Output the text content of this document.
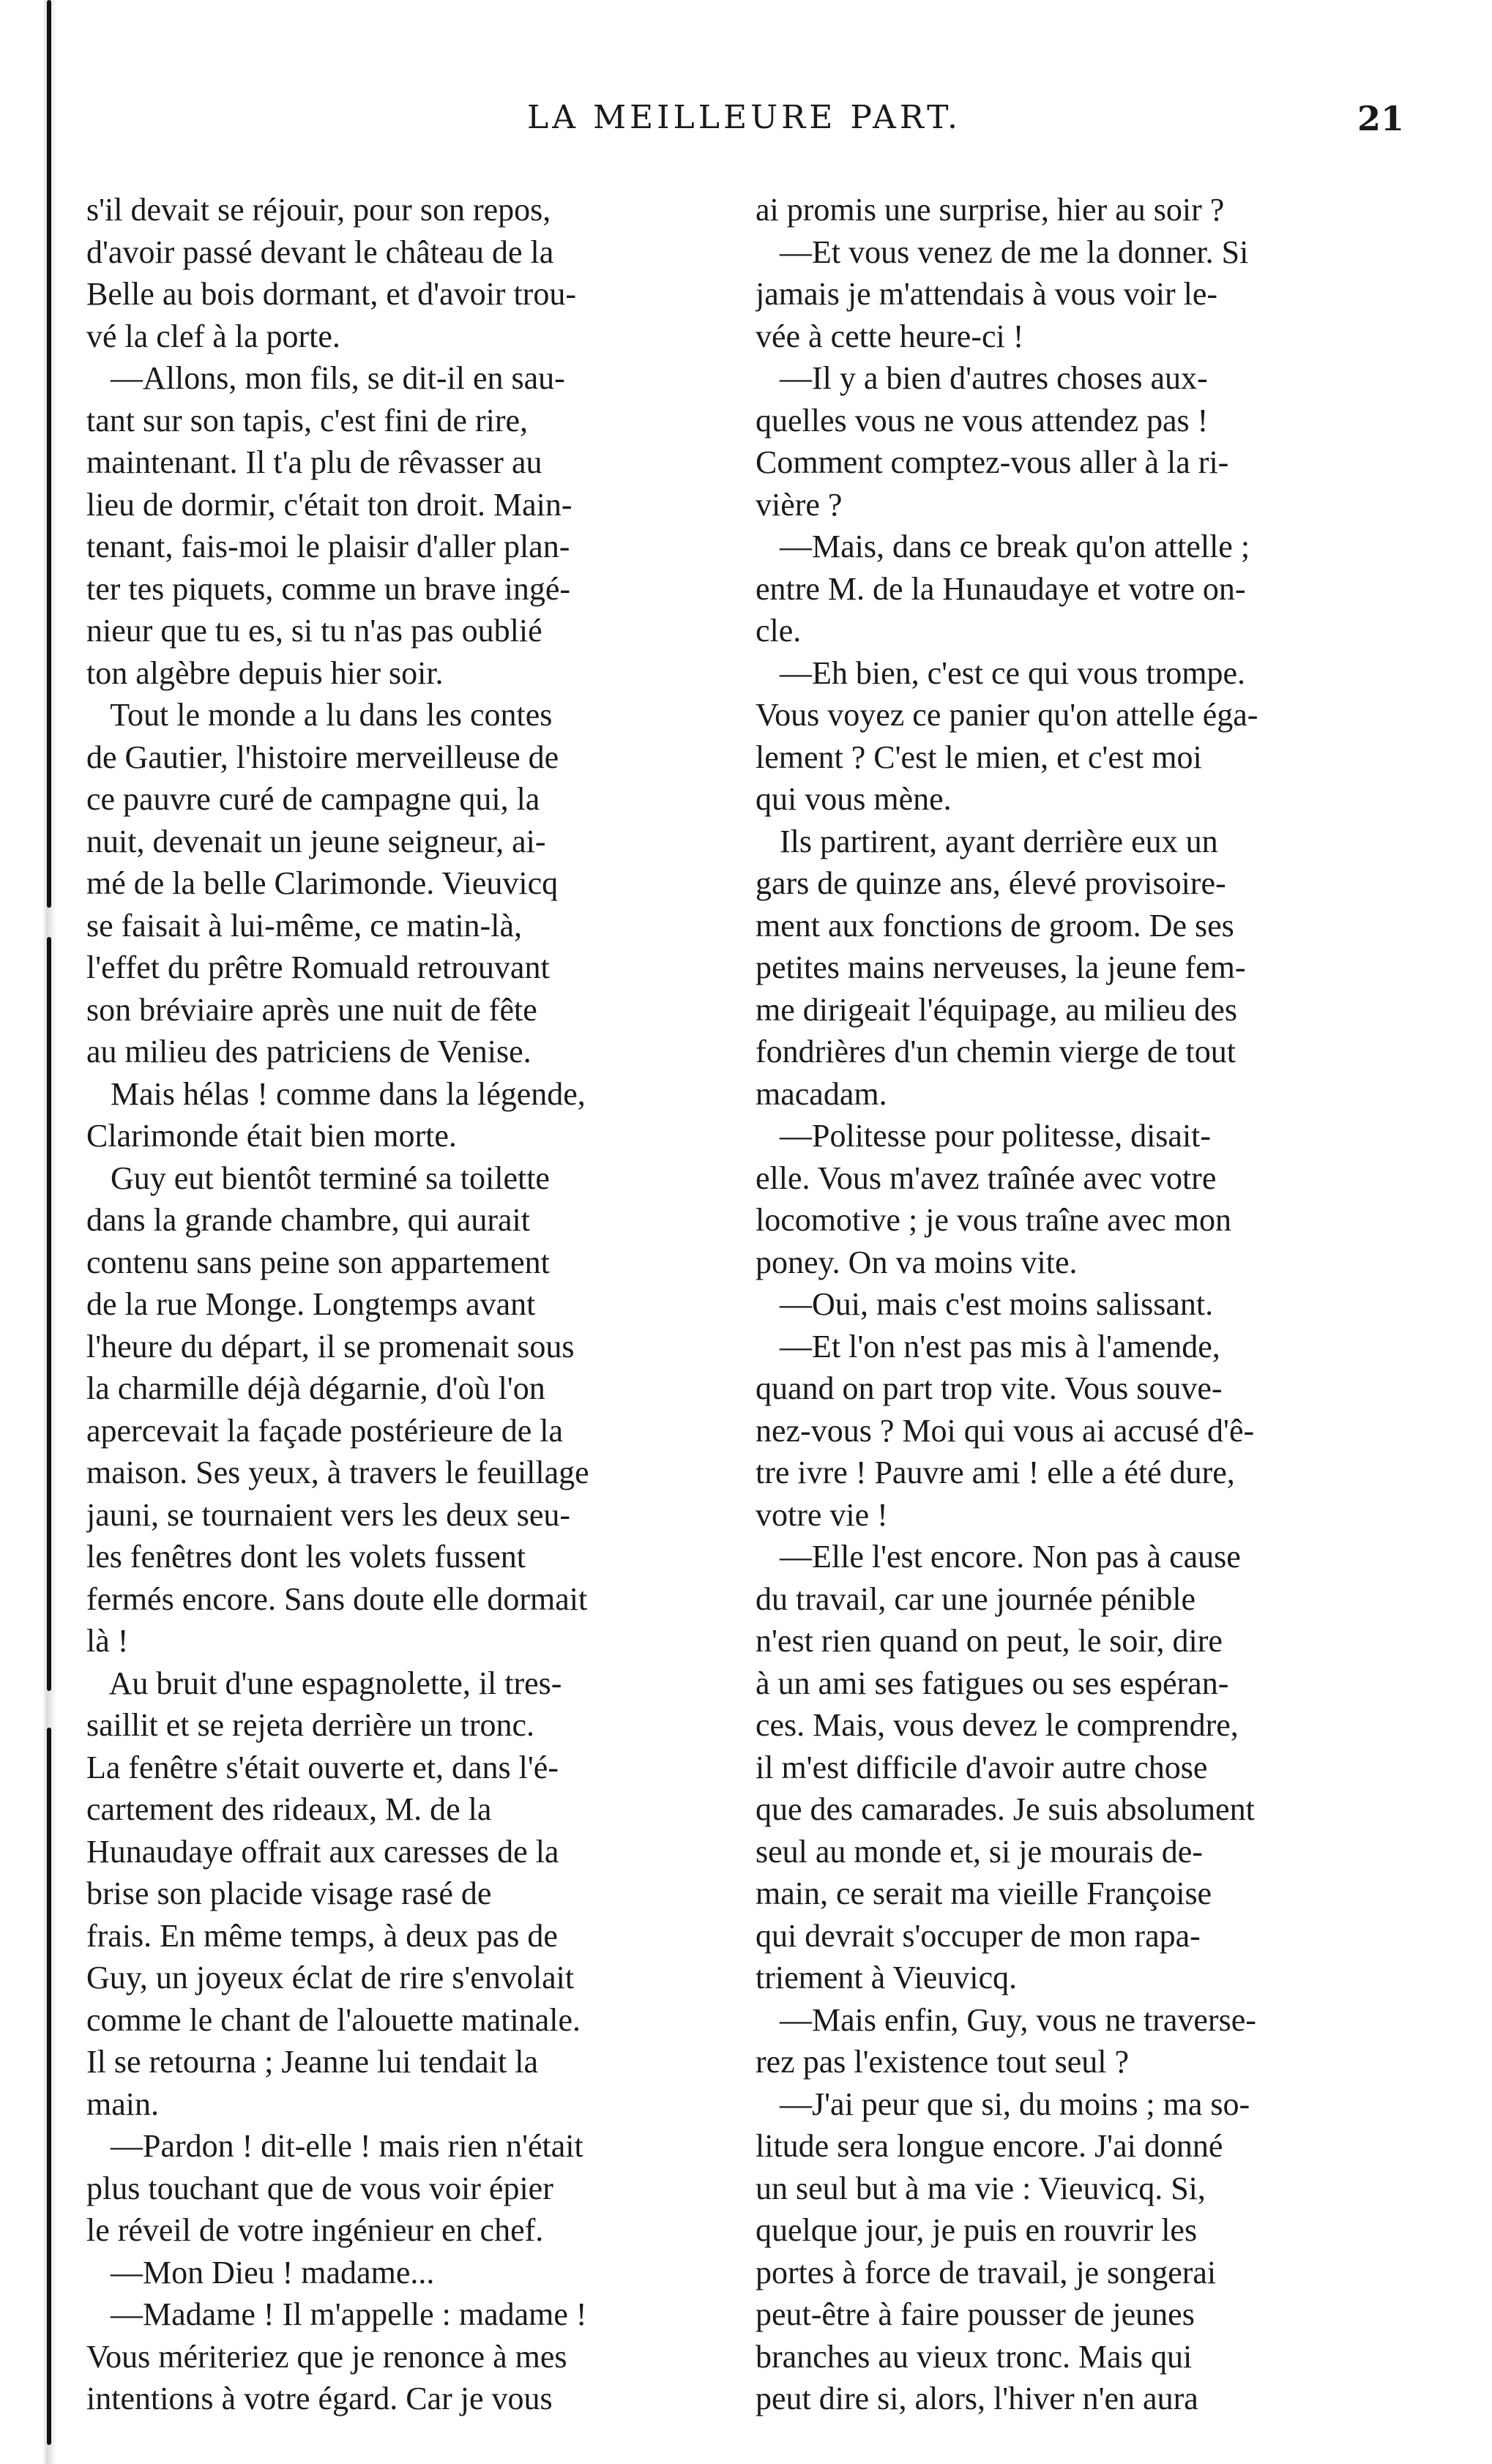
LA MEILLEURE PART.	21
s'il devait se réjouir, pour son repos,
d'avoir passé devant le château de la
Belle au bois dormant, et d'avoir trou-
vé la clef à la porte.
—Allons, mon fils, se dit-il en sau-
tant sur son tapis, c'est fini de rire,
maintenant. Il t'a plu de rêvasser au
lieu de dormir, c'était ton droit. Main-
tenant, fais-moi le plaisir d'aller plan-
ter tes piquets, comme un brave ingé-
nieur que tu es, si tu n'as pas oublié
ton algèbre depuis hier soir.
Tout le monde a lu dans les contes
de Gautier, l'histoire merveilleuse de
ce pauvre curé de campagne qui, la
nuit, devenait un jeune seigneur, ai-
mé de la belle Clarimonde. Vieuvicq
se faisait à lui-même, ce matin-là,
l'effet du prêtre Romuald retrouvant
son bréviaire après une nuit de fête
au milieu des patriciens de Venise.
Mais hélas ! comme dans la légende,
Clarimonde était bien morte.
Guy eut bientôt terminé sa toilette
dans la grande chambre, qui aurait
contenu sans peine son appartement
de la rue Monge. Longtemps avant
l'heure du départ, il se promenait sous
la charmille déjà dégarnie, d'où l'on
apercevait la façade postérieure de la
maison. Ses yeux, à travers le feuillage
jauni, se tournaient vers les deux seu-
les fenêtres dont les volets fussent
fermés encore. Sans doute elle dormait
là !
Au bruit d'une espagnolette, il tres-
saillit et se rejeta derrière un tronc.
La fenêtre s'était ouverte et, dans l'é-
cartement des rideaux, M. de la
Hunaudaye offrait aux caresses de la
brise son placide visage rasé de
frais. En même temps, à deux pas de
Guy, un joyeux éclat de rire s'envolait
comme le chant de l'alouette matinale.
Il se retourna ; Jeanne lui tendait la
main.
—Pardon ! dit-elle ! mais rien n'était
plus touchant que de vous voir épier
le réveil de votre ingénieur en chef.
—Mon Dieu ! madame...
—Madame ! Il m'appelle : madame !
Vous mériteriez que je renonce à mes
intentions à votre égard. Car je vous
ai promis une surprise, hier au soir ?
—Et vous venez de me la donner. Si
jamais je m'attendais à vous voir le-
vée à cette heure-ci !
—Il y a bien d'autres choses aux-
quelles vous ne vous attendez pas !
Comment comptez-vous aller à la ri-
vière ?
—Mais, dans ce break qu'on attelle ;
entre M. de la Hunaudaye et votre on-
cle.
—Eh bien, c'est ce qui vous trompe.
Vous voyez ce panier qu'on attelle éga-
lement ? C'est le mien, et c'est moi
qui vous mène.
Ils partirent, ayant derrière eux un
gars de quinze ans, élevé provisoire-
ment aux fonctions de groom. De ses
petites mains nerveuses, la jeune fem-
me dirigeait l'équipage, au milieu des
fondrières d'un chemin vierge de tout
macadam.
—Politesse pour politesse, disait-
elle. Vous m'avez traînée avec votre
locomotive ; je vous traîne avec mon
poney. On va moins vite.
—Oui, mais c'est moins salissant.
—Et l'on n'est pas mis à l'amende,
quand on part trop vite. Vous souve-
nez-vous ? Moi qui vous ai accusé d'ê-
tre ivre ! Pauvre ami ! elle a été dure,
votre vie !
—Elle l'est encore. Non pas à cause
du travail, car une journée pénible
n'est rien quand on peut, le soir, dire
à un ami ses fatigues ou ses espéran-
ces. Mais, vous devez le comprendre,
il m'est difficile d'avoir autre chose
que des camarades. Je suis absolument
seul au monde et, si je mourais de-
main, ce serait ma vieille Françoise
qui devrait s'occuper de mon rapa-
triement à Vieuvicq.
—Mais enfin, Guy, vous ne traverse-
rez pas l'existence tout seul ?
—J'ai peur que si, du moins ; ma so-
litude sera longue encore. J'ai donné
un seul but à ma vie : Vieuvicq. Si,
quelque jour, je puis en rouvrir les
portes à force de travail, je songerai
peut-être à faire pousser de jeunes
branches au vieux tronc. Mais qui
peut dire si, alors, l'hiver n'en aura
